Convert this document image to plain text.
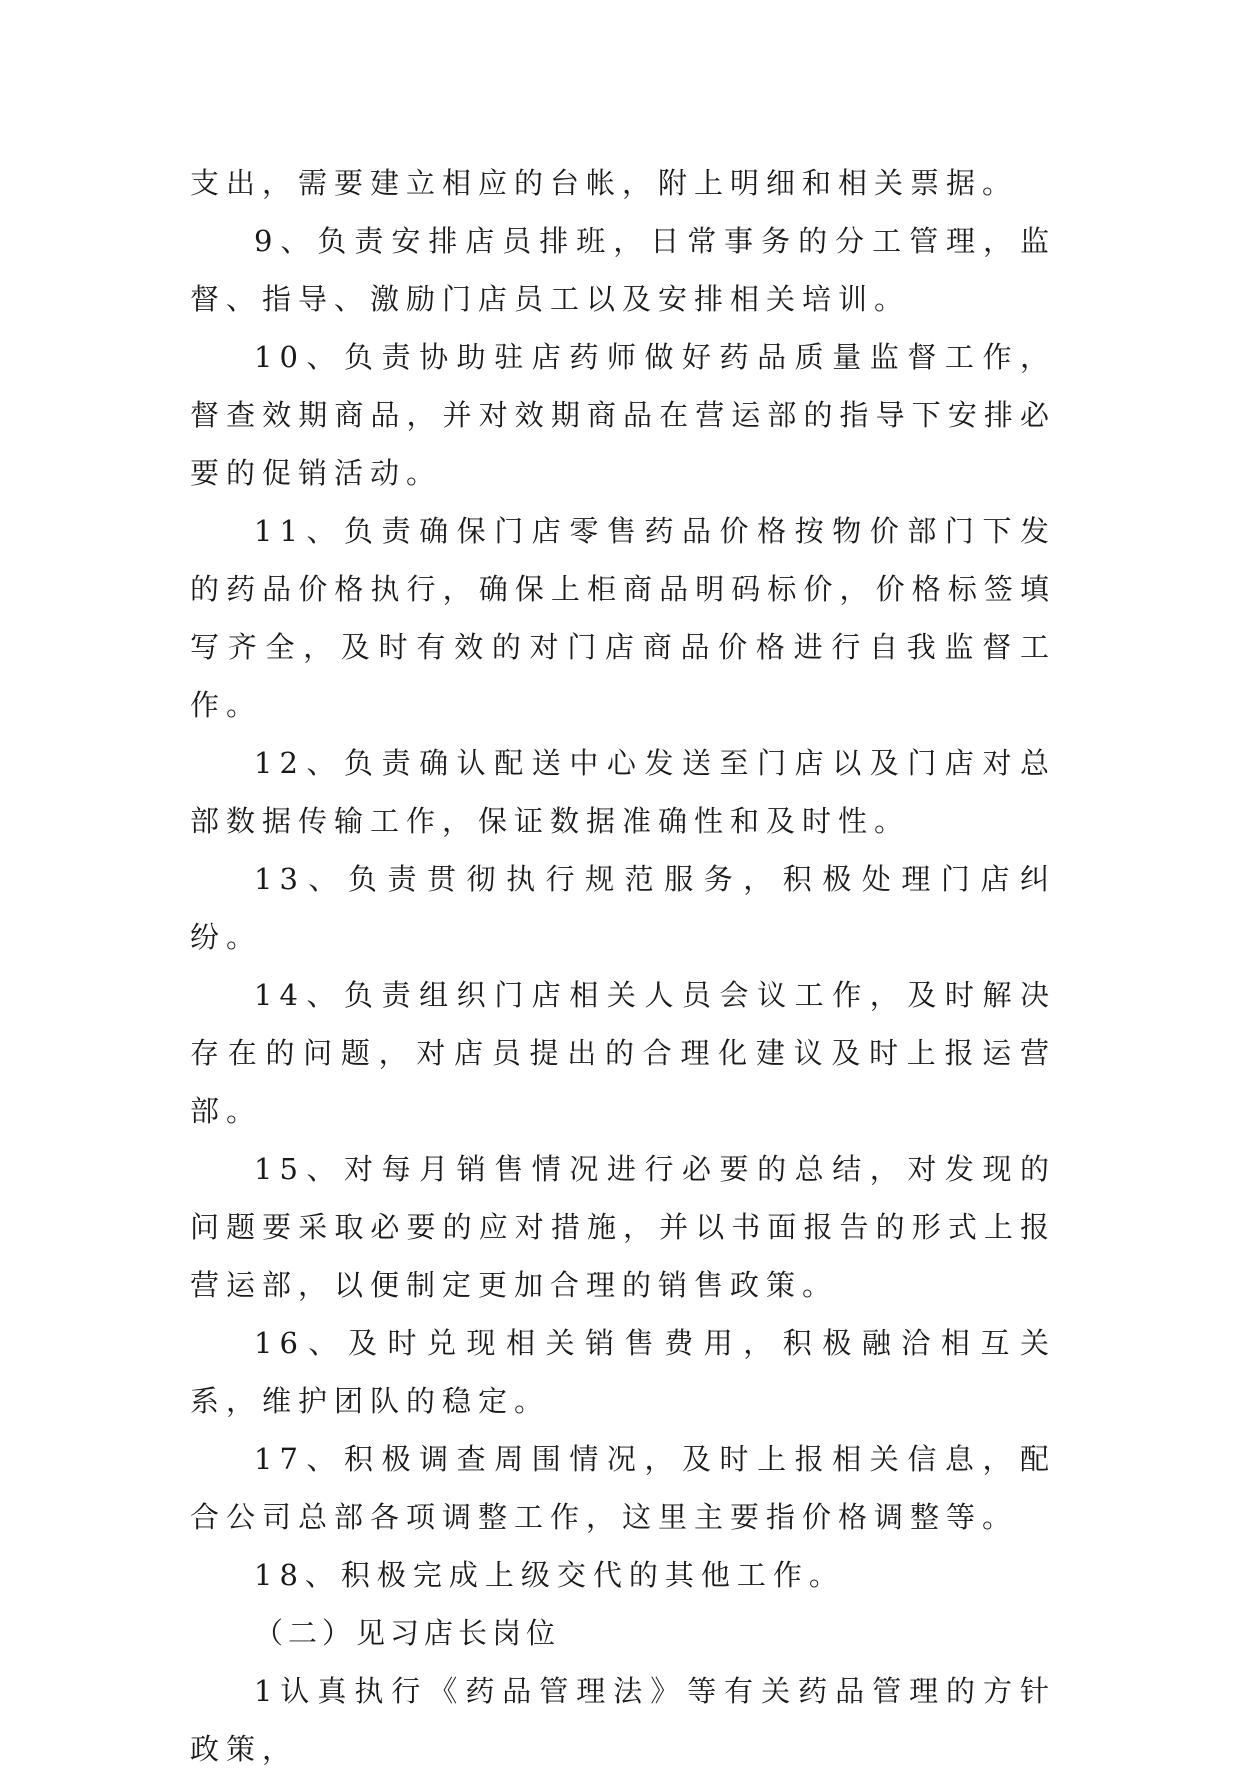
支出，需要建立相应的台帐，附上明细和相关票据。

9、负责安排店员排班，日常事务的分工管理，监督、指导、激励门店员工以及安排相关培训。

10、负责协助驻店药师做好药品质量监督工作，督查效期商品，并对效期商品在营运部的指导下安排必要的促销活动。

11、负责确保门店零售药品价格按物价部门下发的药品价格执行，确保上柜商品明码标价，价格标签填写齐全，及时有效的对门店商品价格进行自我监督工作。

12、负责确认配送中心发送至门店以及门店对总部数据传输工作，保证数据准确性和及时性。

13、负责贯彻执行规范服务，积极处理门店纠纷。

14、负责组织门店相关人员会议工作，及时解决存在的问题，对店员提出的合理化建议及时上报运营部。

15、对每月销售情况进行必要的总结，对发现的问题要采取必要的应对措施，并以书面报告的形式上报营运部，以便制定更加合理的销售政策。

16、及时兑现相关销售费用，积极融洽相互关系，维护团队的稳定。

17、积极调查周围情况，及时上报相关信息，配合公司总部各项调整工作，这里主要指价格调整等。

18、积极完成上级交代的其他工作。

（二）见习店长岗位

1认真执行《药品管理法》等有关药品管理的方针政策，
